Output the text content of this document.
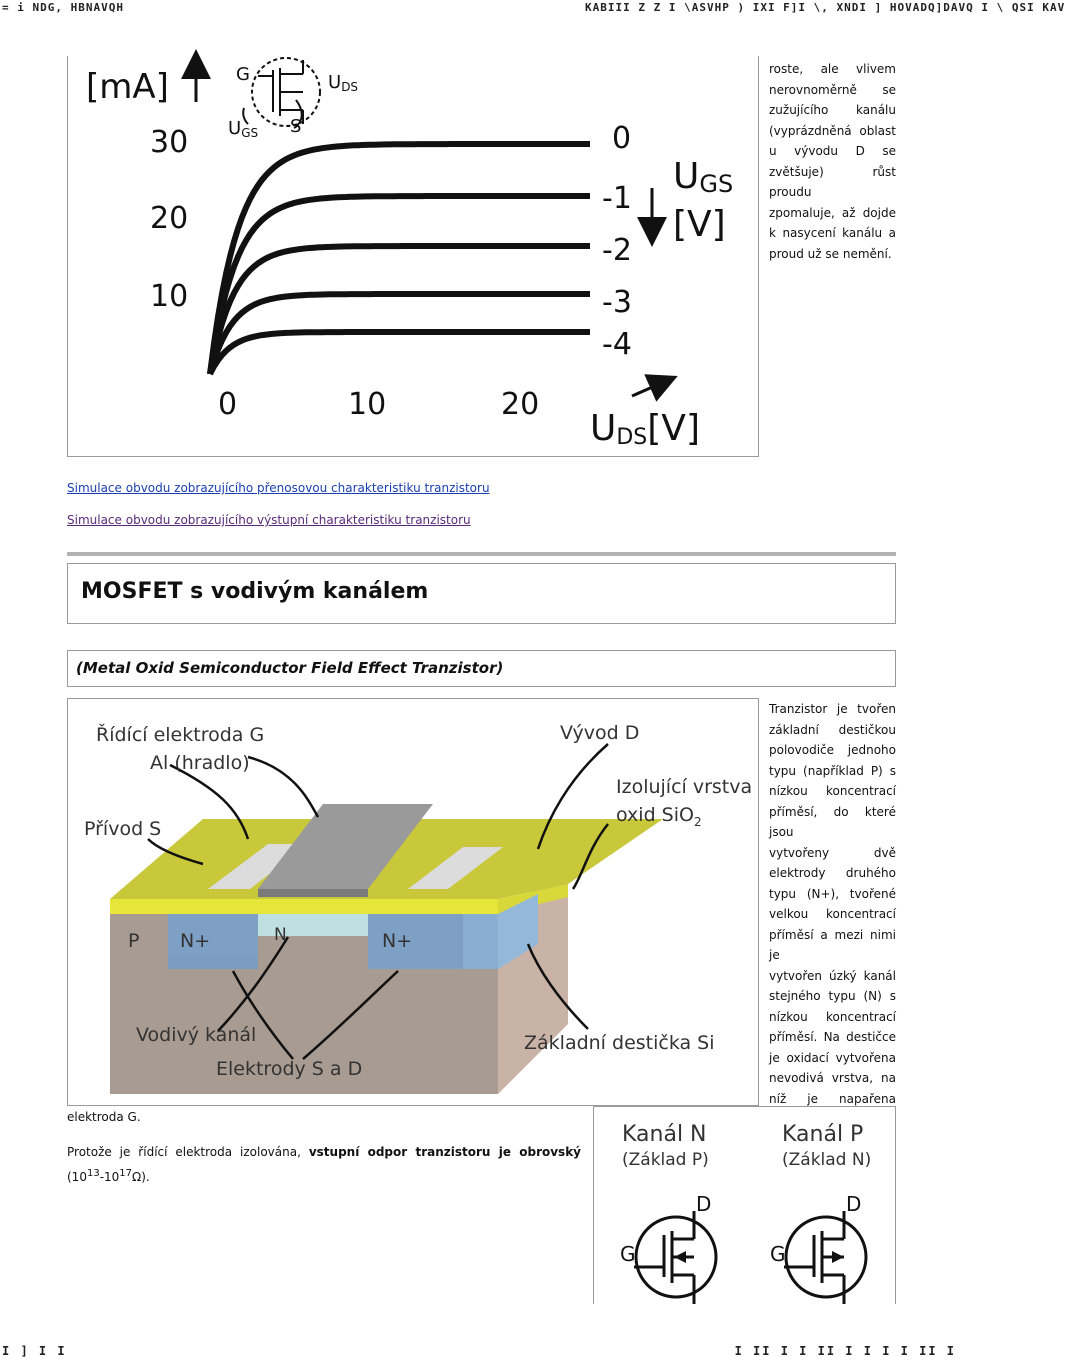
= i NDG, HBNAVQH	KABIII Z Z I \ASVHP ) IXI F]I \, XNDI ] HOVADQ]DAVQ I \ QSI KAV
[mA]
30
20
10
0
-1
-2
-3
-4
UGS
[V]
0	10	20
UDS[V]
G
S
UDS
UGS
roste, ale vlivem
nerovnoměrně se
zužujícího kanálu
(vyprázdněná oblast
u vývodu D se
zvětšuje) růst proudu
zpomaluje, až dojde
k nasycení kanálu a
proud už se nemění.
Simulace obvodu zobrazujícího přenosovou charakteristiku tranzistoru
Simulace obvodu zobrazujícího výstupní charakteristiku tranzistoru
MOSFET s vodivým kanálem
(Metal Oxid Semiconductor Field Effect Tranzistor)
Řídící elektroda G
Al (hradlo)
Vývod D
Izolující vrstva
oxid SiO$_2$
Přívod S
P N+	N	N+
Vodivý kanál	Základní destička Si
Elektrody S a D
Tranzistor je tvořen
základní destičkou
polovodiče jednoho
typu (například P) s
nízkou koncentrací
příměsí, do které jsou
vytvořeny dvě
elektrody druhého
typu (N+), tvořené
velkou koncentrací
příměsí a mezi nimi je
vytvořen úzký kanál
stejného typu (N) s
nízkou koncentrací
příměsí. Na destičce
je oxidací vytvořena
nevodivá vrstva, na
níž je napařena
elektroda G.
Protože je řídící elektroda izolována, vstupní odpor tranzistoru je obrovský $(10^{13}-10^{17}\Omega)$.
Kanál N
(Základ P)
Kanál P
(Základ N)
D
G
D
G
I ] I I	I II I I II I I I I II I
